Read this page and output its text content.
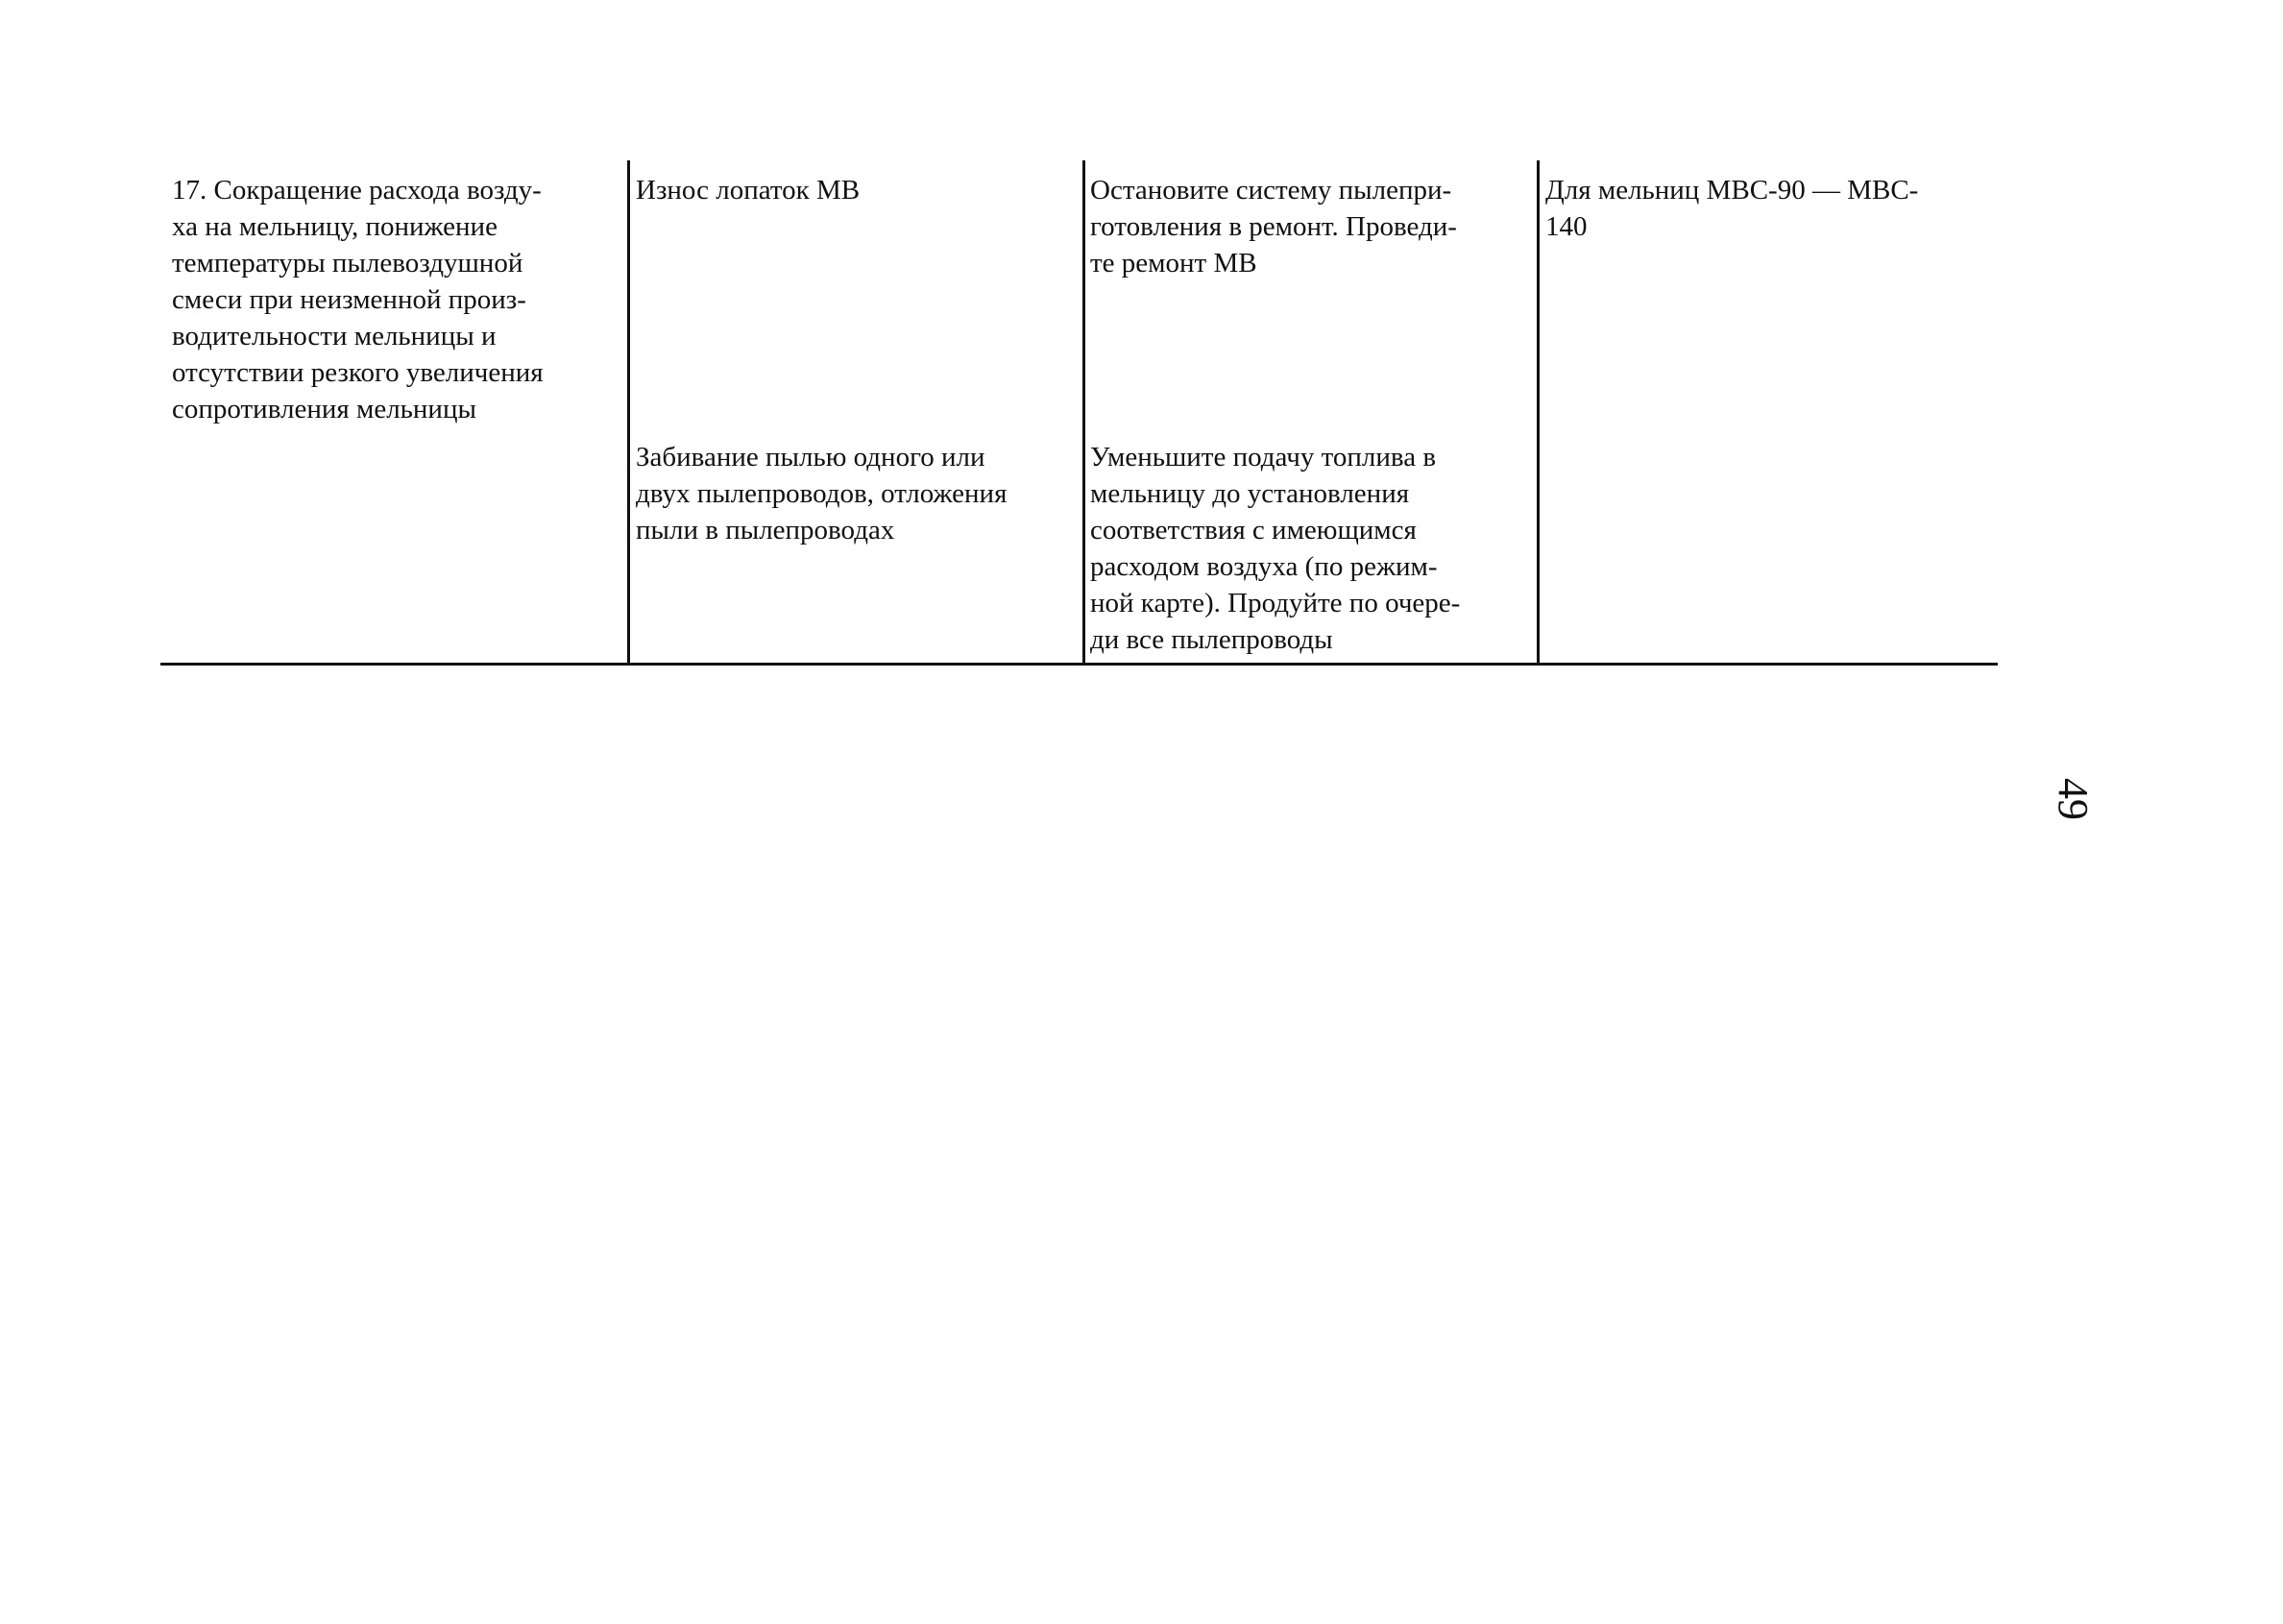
17. Сокращение расхода возду-
ха на мельницу, понижение
температуры пылевоздушной
смеси при неизменной произ-
водительности мельницы и
отсутствии резкого увеличения
сопротивления мельницы
Износ лопаток МВ	Остановите систему пылепри-
готовления в ремонт. Проведи-
те ремонт МВ
Для мельниц МВС-90 — МВС-
140
Забивание пылью одного или
двух пылепроводов, отложения
пыли в пылепроводах
Уменьшите подачу топлива в
мельницу до установления
соответствия с имеющимся
расходом воздуха (по режим-
ной карте). Продуйте по очере-
ди все пылепроводы
49
